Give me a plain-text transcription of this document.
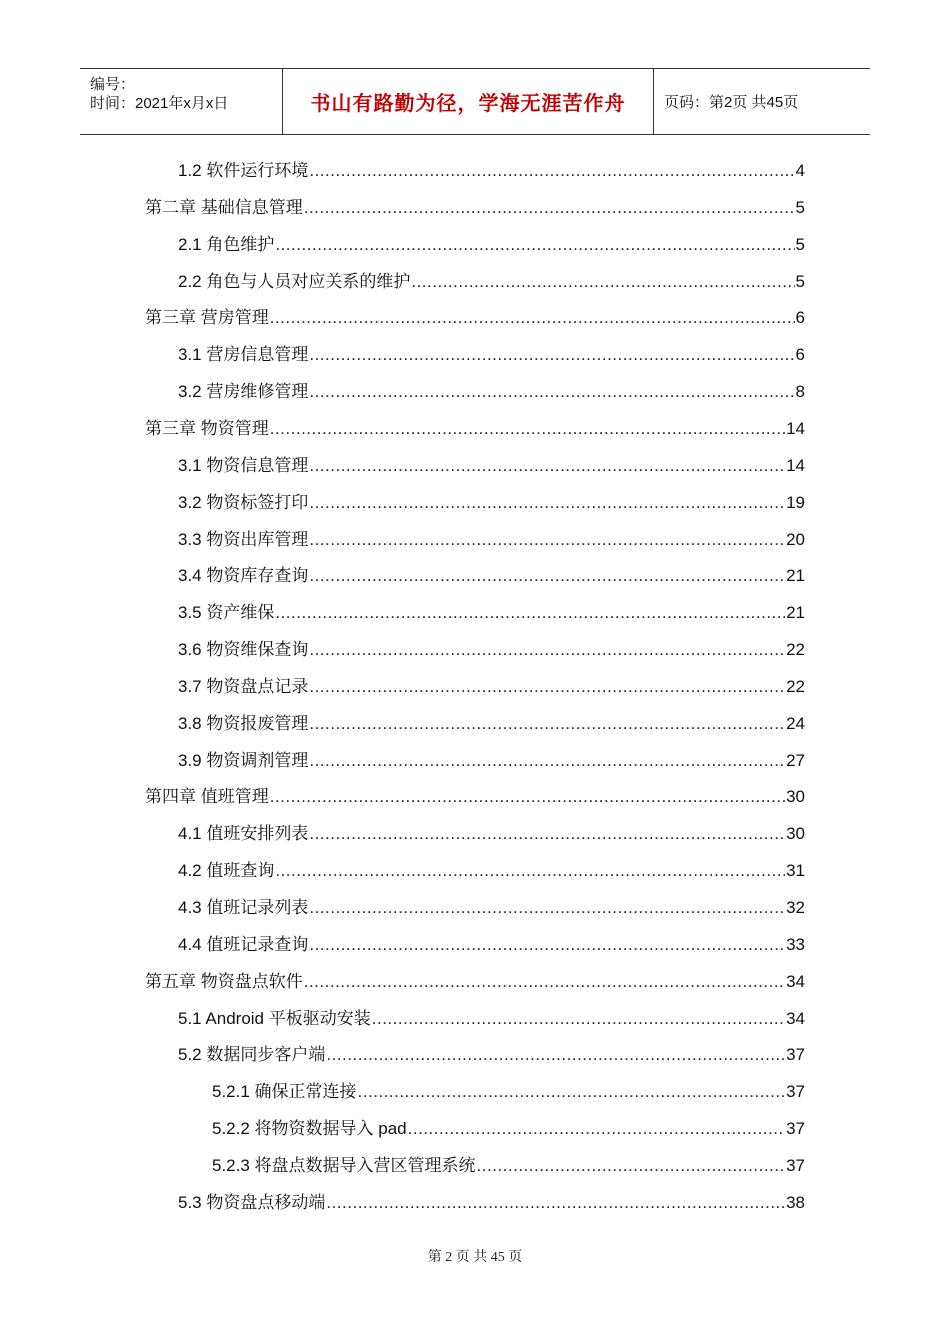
编号：
时间：2021年x月x日	书山有路勤为径，学海无涯苦作舟	页码：第2页 共45页
1.2 软件运行环境 .....	4
第二章 基础信息管理 .....	5
2.1 角色维护 .....	5
2.2 角色与人员对应关系的维护 .....	5
第三章 营房管理 .....	6
3.1 营房信息管理 .....	6
3.2 营房维修管理 .....	8
第三章 物资管理 .....	14
3.1 物资信息管理 .....	14
3.2 物资标签打印 .....	19
3.3 物资出库管理 .....	20
3.4 物资库存查询 .....	21
3.5 资产维保 .....	21
3.6 物资维保查询 .....	22
3.7 物资盘点记录 .....	22
3.8 物资报废管理 .....	24
3.9 物资调剂管理 .....	27
第四章 值班管理 .....	30
4.1 值班安排列表 .....	30
4.2 值班查询 .....	31
4.3 值班记录列表 .....	32
4.4 值班记录查询 .....	33
第五章 物资盘点软件 .....	34
5.1 Android 平板驱动安装 .....	34
5.2 数据同步客户端 .....	37
5.2.1 确保正常连接 .....	37
5.2.2 将物资数据导入 pad .....	37
5.2.3 将盘点数据导入营区管理系统 .....	37
5.3 物资盘点移动端 .....	38
第 2 页 共 45 页
